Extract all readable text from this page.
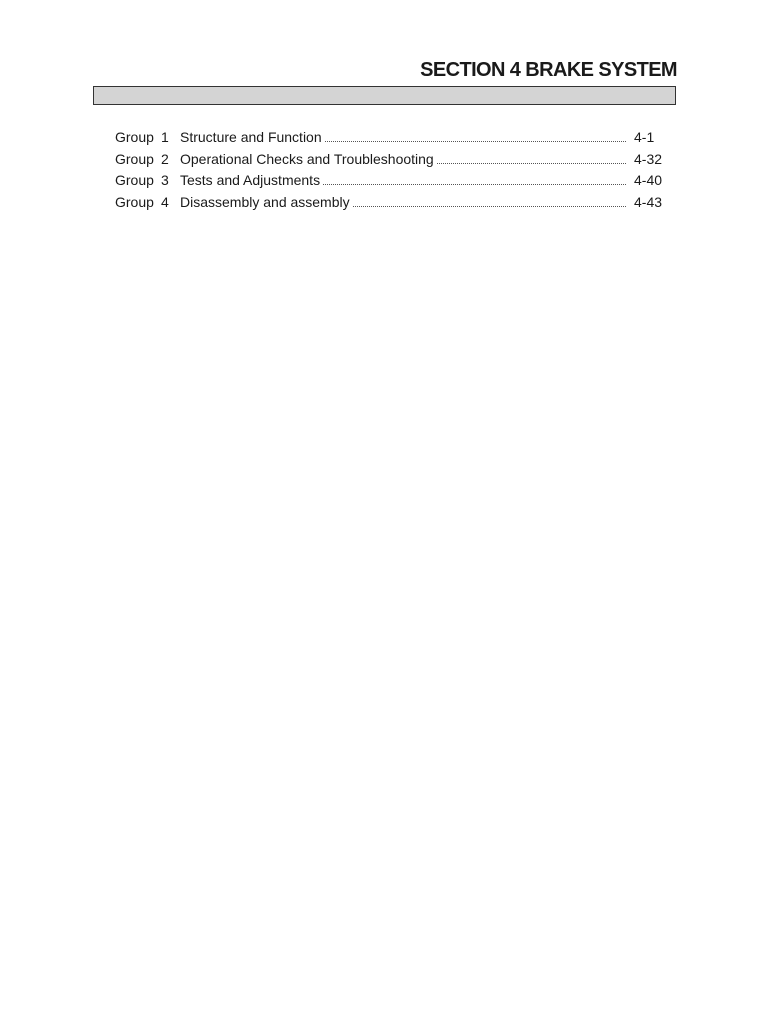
SECTION 4 BRAKE SYSTEM
Group 1 Structure and Function	4-1
Group 2 Operational Checks and Troubleshooting	4-32
Group 3 Tests and Adjustments	4-40
Group 4 Disassembly and assembly	4-43
